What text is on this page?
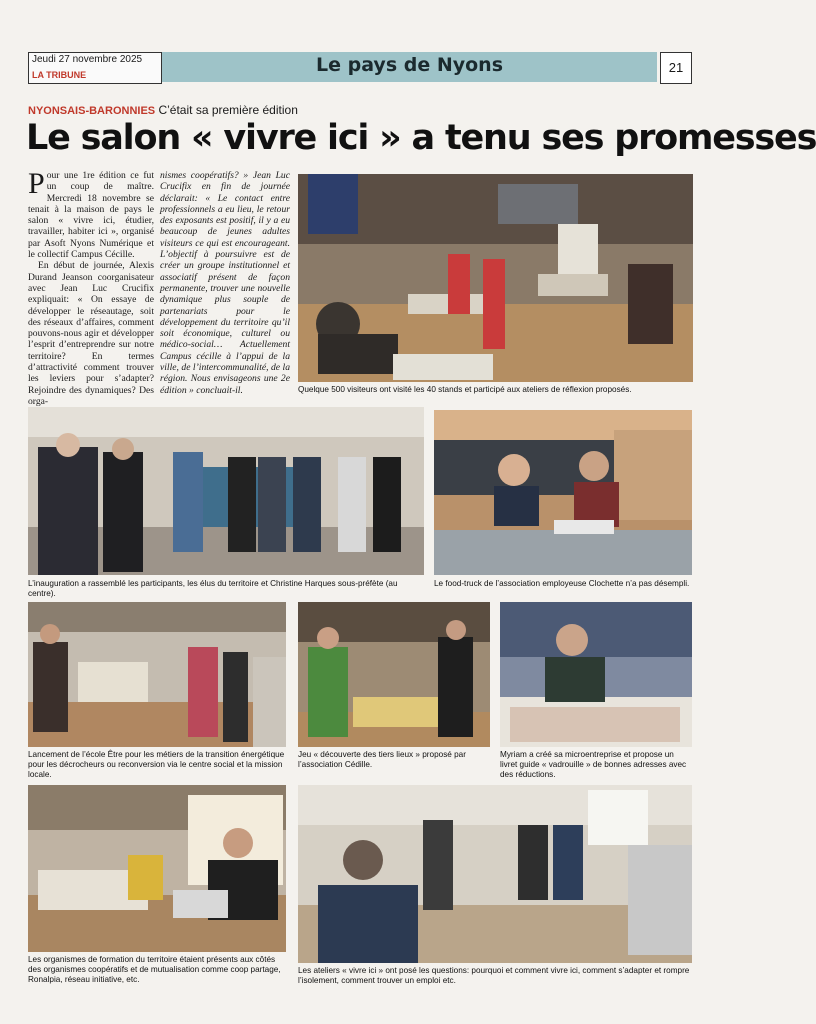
Jeudi 27 novembre 2025
LA TRIBUNE	Le pays de Nyons	21
NYONSAIS-BARONNIES C’était sa première édition
Le salon « vivre ici » a tenu ses promesses
P our une 1re édition ce fut un coup de maître. Mercredi 18 novembre se tenait à la maison de pays le salon « vivre ici, étudier, travailler, habiter ici », organisé par Asoft Nyons Numérique et le collectif Campus Cécille.

En début de journée, Alexis Durand Jeanson coorganisateur avec Jean Luc Crucifix expliquait: « On essaye de développer le réseautage, soit des réseaux d’affaires, comment pouvons-nous agir et développer l’esprit d’entreprendre sur notre territoire? En termes d’attractivité comment trouver les leviers pour s’adapter? Rejoindre des dynamiques? Des orga-

nismes coopératifs? » Jean Luc Crucifix en fin de journée déclarait: « Le contact entre professionnels a eu lieu, le retour des exposants est positif, il y a eu beaucoup de jeunes adultes visiteurs ce qui est encourageant. L’objectif à poursuivre est de créer un groupe institutionnel et associatif présent de façon permanente, trouver une nouvelle dynamique plus souple de partenariats pour le développement du territoire qu’il soit économique, culturel ou médico-social… Actuellement Campus cécille à l’appui de la ville, de l’intercommunalité, de la région. Nous envisageons une 2e édition » concluait-il.	Quelque 500 visiteurs ont visité les 40 stands et participé aux ateliers de réflexion proposés.
L’inauguration a rassemblé les participants, les élus du territoire et Christine Harques sous-préfète (au centre).
Le food-truck de l’association employeuse Clochette n’a pas désempli.
Lancement de l’école Être pour les métiers de la transition énergétique pour les décrocheurs ou reconversion via le centre social et la mission locale.
Jeu « découverte des tiers lieux » proposé par l’association Cédille.
Myriam a créé sa microentreprise et propose un livret guide « vadrouille » de bonnes adresses avec des réductions.
Les organismes de formation du territoire étaient présents aux côtés des organismes coopératifs et de mutualisation comme coop partage, Ronalpia, réseau initiative, etc.
Les ateliers « vivre ici » ont posé les questions: pourquoi et comment vivre ici, comment s’adapter et rompre l’isolement, comment trouver un emploi etc.
